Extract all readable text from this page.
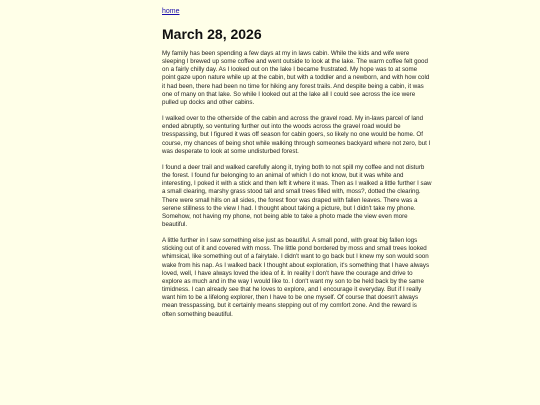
home
March 28, 2026

My family has been spending a few days at my in laws cabin. While the kids and wife were sleeping I brewed up some coffee and went outside to look at the lake. The warm coffee felt good on a fairly chilly day. As I looked out on the lake I became frustrated. My hope was to at some point gaze upon nature while up at the cabin, but with a toddler and a newborn, and with how cold it had been, there had been no time for hiking any forest trails. And despite being a cabin, it was one of many on that lake. So while I looked out at the lake all I could see across the ice were pulled up docks and other cabins.

I walked over to the otherside of the cabin and across the gravel road. My in-laws parcel of land ended abruptly, so venturing further out into the woods across the gravel road would be tresspassing, but I figured it was off season for cabin goers, so likely no one would be home. Of course, my chances of being shot while walking through someones backyard where not zero, but I was desperate to look at some undisturbed forest.

I found a deer trail and walked carefully along it, trying both to not spill my coffee and not disturb the forest. I found fur belonging to an animal of which I do not know, but it was white and interesting, I poked it with a stick and then left it where it was. Then as I walked a little further I saw a small clearing, marshy grass stood tall and small trees filled with, moss?, dotted the clearing. There were small hills on all sides, the forest floor was draped with fallen leaves. There was a serene stillness to the view I had. I thought about taking a picture, but I didn't take my phone. Somehow, not having my phone, not being able to take a photo made the view even more beautiful.

A little further in I saw something else just as beautiful. A small pond, with great big fallen logs sticking out of it and covered with moss. The little pond bordered by moss and small trees looked whimsical, like something out of a fairytale. I didn't want to go back but I knew my son would soon wake from his nap. As I walked back I thought about exploration, it's something that I have always loved, well, I have always loved the idea of it. In reality I don't have the courage and drive to explore as much and in the way I would like to. I don't want my son to be held back by the same timidness. I can already see that he loves to explore, and I encourage it everyday. But if I really want him to be a lifelong explorer, then I have to be one myself. Of course that doesn't always mean tresspassing, but it certainly means stepping out of my comfort zone. And the reward is often something beautiful.
